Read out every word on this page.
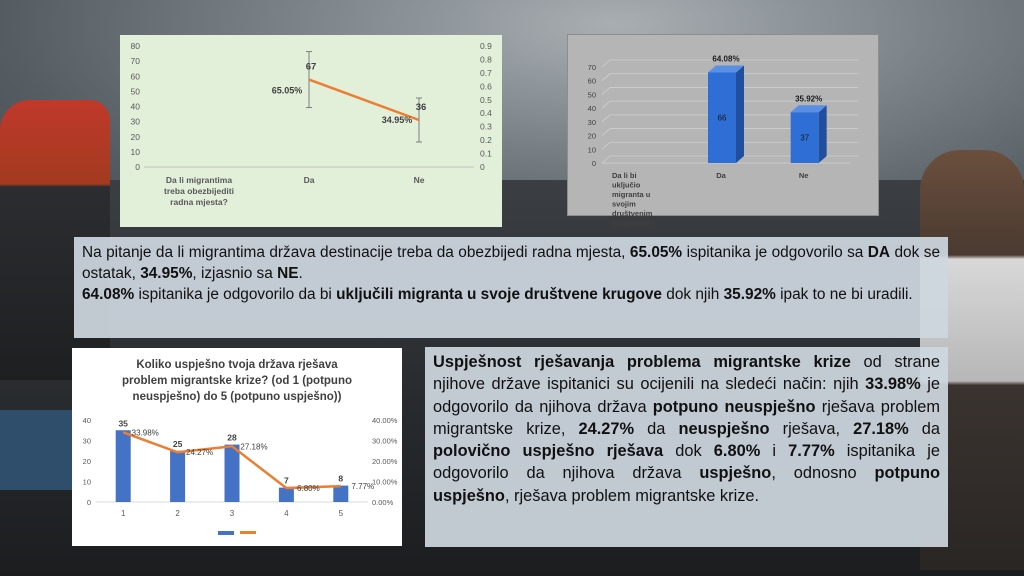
0
10
20
30
40
50
60
70
80
0
0.1
0.2
0.3
0.4
0.5
0.6
0.7
0.8
0.9
Da li migrantima treba obezbijediti radna mjesta?
Da	Ne
67
65.05%
36
34.95%
0
10
20
30
40
50
60
70
Da li bi uključio migranta u svojim društvenim krugovima?
Da	Ne
66
64.08%
37
35.92%

Na pitanje da li migrantima država destinacije treba da obezbijedi radna mjesta, 65.05% ispitanika je odgovorilo sa DA dok se ostatak, 34.95%, izjasnio sa NE.

64.08% ispitanika je odgovorilo da bi uključili migranta u svoje društvene krugove dok njih 35.92% ipak to ne bi uradili.

Koliko uspješno tvoja država rješava problem migrantske krize? (od 1 (potpuno neuspješno) do 5 (potpuno uspješno))
0
10
20
30
40
0.00%
10.00%
20.00%
30.00%
40.00%
35
1
25
2
28
3
7
4
8
5
33.98%
24.27%
27.18%
6.80%	7.77%

Uspješnost rješavanja problema migrantske krize od strane njihove države ispitanici su ocijenili na sledeći način: njih 33.98% je odgovorilo da njihova država potpuno neuspješno rješava problem migrantske krize, 24.27% da neuspješno rješava, 27.18% da polovično uspješno rješava dok 6.80% i 7.77% ispitanika je odgovorilo da njihova država uspješno, odnosno potpuno uspješno, rješava problem migrantske krize.
